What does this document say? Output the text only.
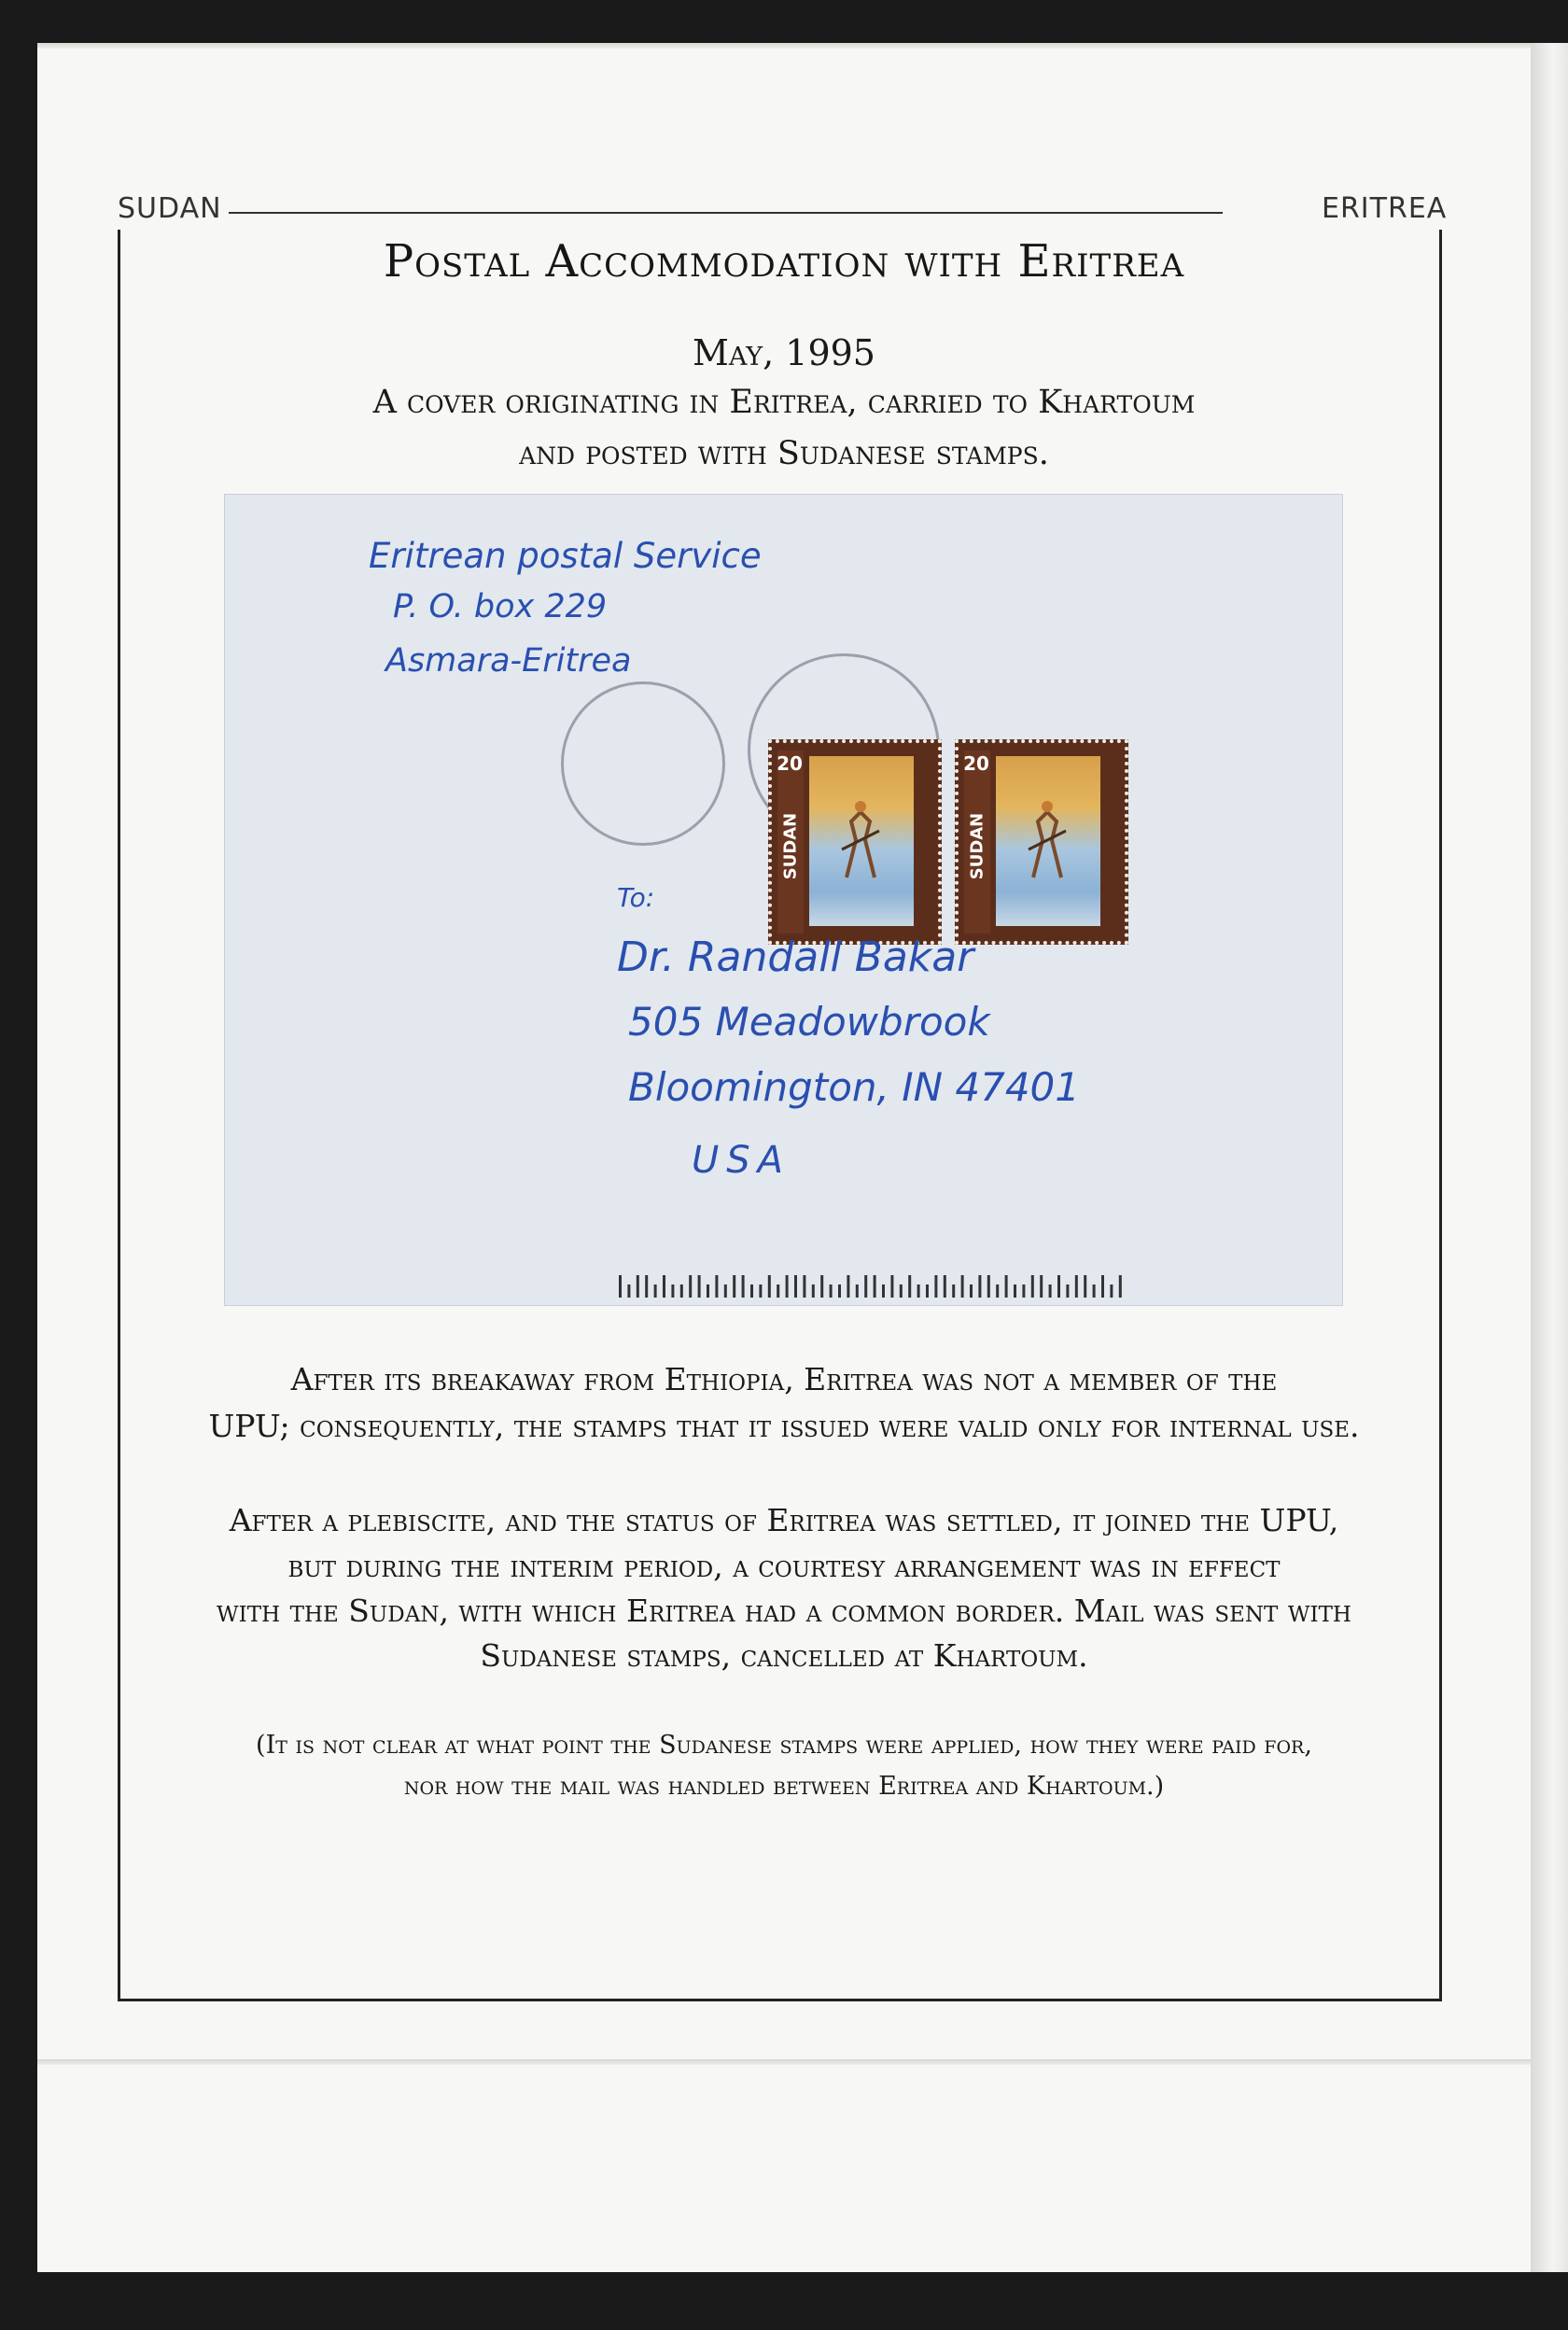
SUDAN	ERITREA
Postal Accommodation with Eritrea
May, 1995
A cover originating in Eritrea, carried to Khartoum
and posted with Sudanese stamps.
Eritrean postal Service
P. O. box 229
Asmara-Eritrea
20
SUDAN
20
SUDAN
To:
Dr. Randall Bakar
505 Meadowbrook
Bloomington, IN 47401
USA
After its breakaway from Ethiopia, Eritrea was not a member of the
UPU; consequently, the stamps that it issued were valid only for internal use.
After a plebiscite, and the status of Eritrea was settled, it joined the UPU,
but during the interim period, a courtesy arrangement was in effect
with the Sudan, with which Eritrea had a common border. Mail was sent with
Sudanese stamps, cancelled at Khartoum.
(It is not clear at what point the Sudanese stamps were applied, how they were paid for,
nor how the mail was handled between Eritrea and Khartoum.)
